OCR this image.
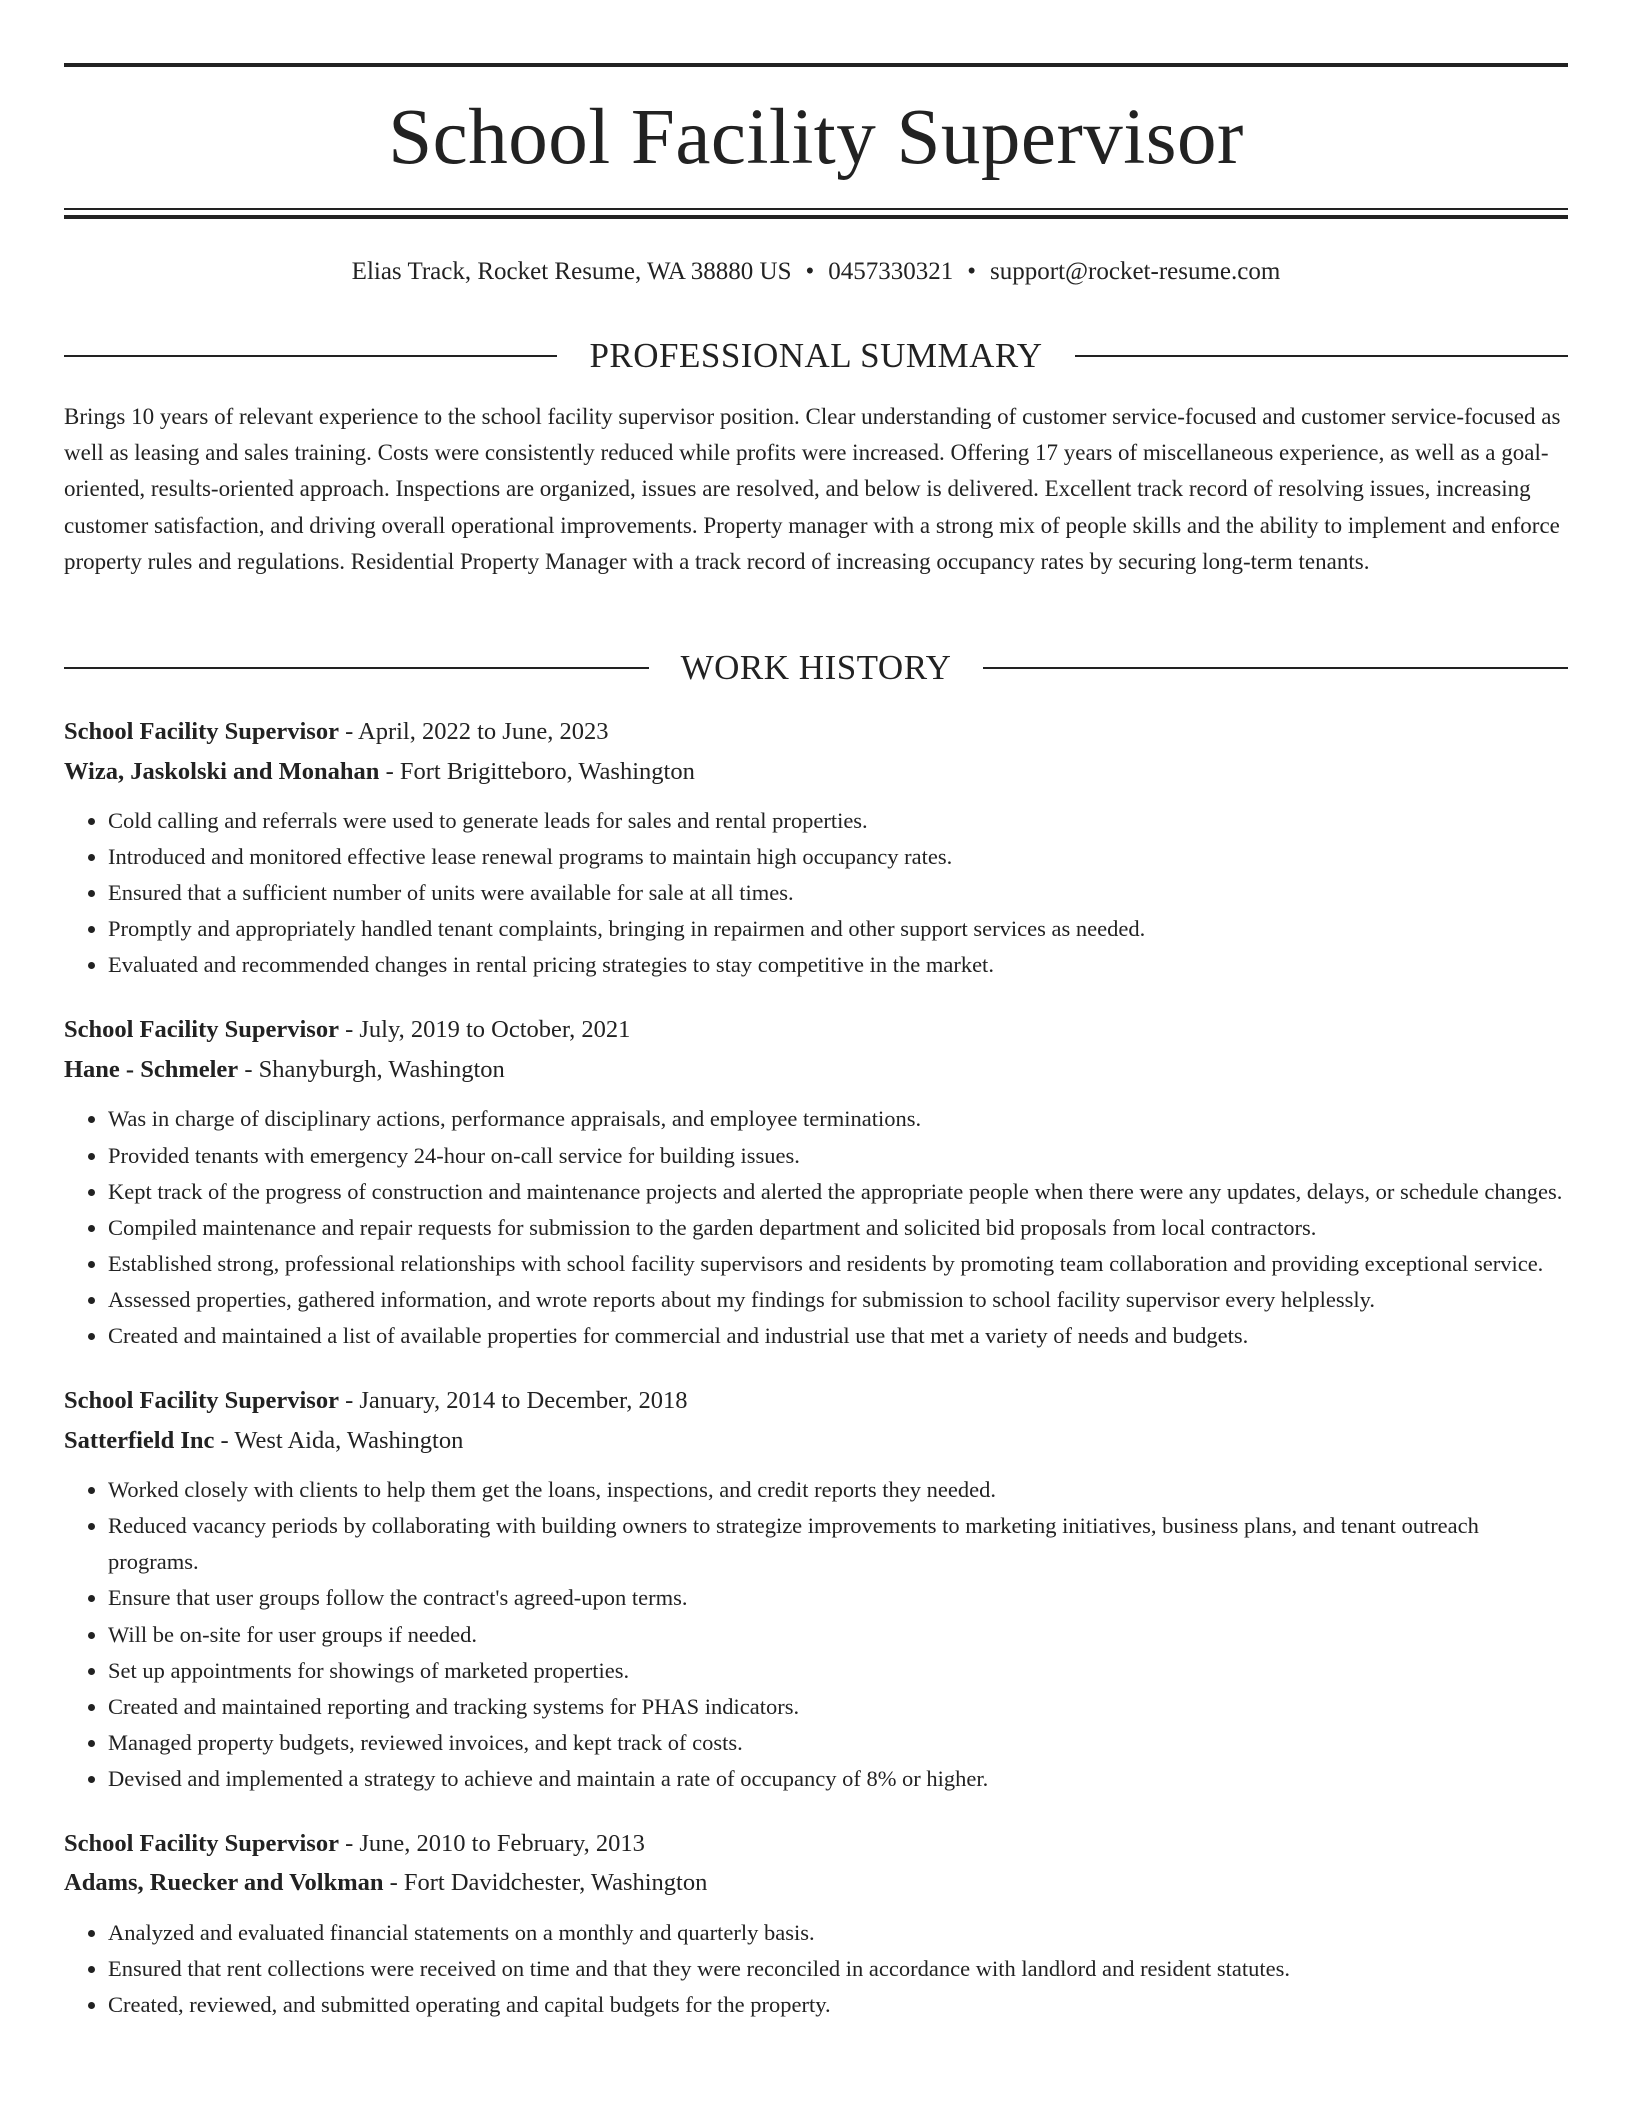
School Facility Supervisor
Elias Track, Rocket Resume, WA 38880 US • 0457330321 • support@rocket-resume.com
PROFESSIONAL SUMMARY

Brings 10 years of relevant experience to the school facility supervisor position. Clear understanding of customer service-focused and customer service-focused as well as leasing and sales training. Costs were consistently reduced while profits were increased. Offering 17 years of miscellaneous experience, as well as a goal-oriented, results-oriented approach. Inspections are organized, issues are resolved, and below is delivered. Excellent track record of resolving issues, increasing customer satisfaction, and driving overall operational improvements. Property manager with a strong mix of people skills and the ability to implement and enforce property rules and regulations. Residential Property Manager with a track record of increasing occupancy rates by securing long-term tenants.

WORK HISTORY
School Facility Supervisor - April, 2022 to June, 2023
Wiza, Jaskolski and Monahan - Fort Brigitteboro, Washington
• Cold calling and referrals were used to generate leads for sales and rental properties.
• Introduced and monitored effective lease renewal programs to maintain high occupancy rates.
• Ensured that a sufficient number of units were available for sale at all times.
• Promptly and appropriately handled tenant complaints, bringing in repairmen and other support services as needed.
• Evaluated and recommended changes in rental pricing strategies to stay competitive in the market.
School Facility Supervisor - July, 2019 to October, 2021
Hane - Schmeler - Shanyburgh, Washington
• Was in charge of disciplinary actions, performance appraisals, and employee terminations.
• Provided tenants with emergency 24-hour on-call service for building issues.
• Kept track of the progress of construction and maintenance projects and alerted the appropriate people when there were any updates, delays, or schedule changes.
• Compiled maintenance and repair requests for submission to the garden department and solicited bid proposals from local contractors.
• Established strong, professional relationships with school facility supervisors and residents by promoting team collaboration and providing exceptional service.
• Assessed properties, gathered information, and wrote reports about my findings for submission to school facility supervisor every helplessly.
• Created and maintained a list of available properties for commercial and industrial use that met a variety of needs and budgets.
School Facility Supervisor - January, 2014 to December, 2018
Satterfield Inc - West Aida, Washington
• Worked closely with clients to help them get the loans, inspections, and credit reports they needed.
• Reduced vacancy periods by collaborating with building owners to strategize improvements to marketing initiatives, business plans, and tenant outreach programs.
• Ensure that user groups follow the contract's agreed-upon terms.
• Will be on-site for user groups if needed.
• Set up appointments for showings of marketed properties.
• Created and maintained reporting and tracking systems for PHAS indicators.
• Managed property budgets, reviewed invoices, and kept track of costs.
• Devised and implemented a strategy to achieve and maintain a rate of occupancy of 8% or higher.
School Facility Supervisor - June, 2010 to February, 2013
Adams, Ruecker and Volkman - Fort Davidchester, Washington
• Analyzed and evaluated financial statements on a monthly and quarterly basis.
• Ensured that rent collections were received on time and that they were reconciled in accordance with landlord and resident statutes.
• Created, reviewed, and submitted operating and capital budgets for the property.
